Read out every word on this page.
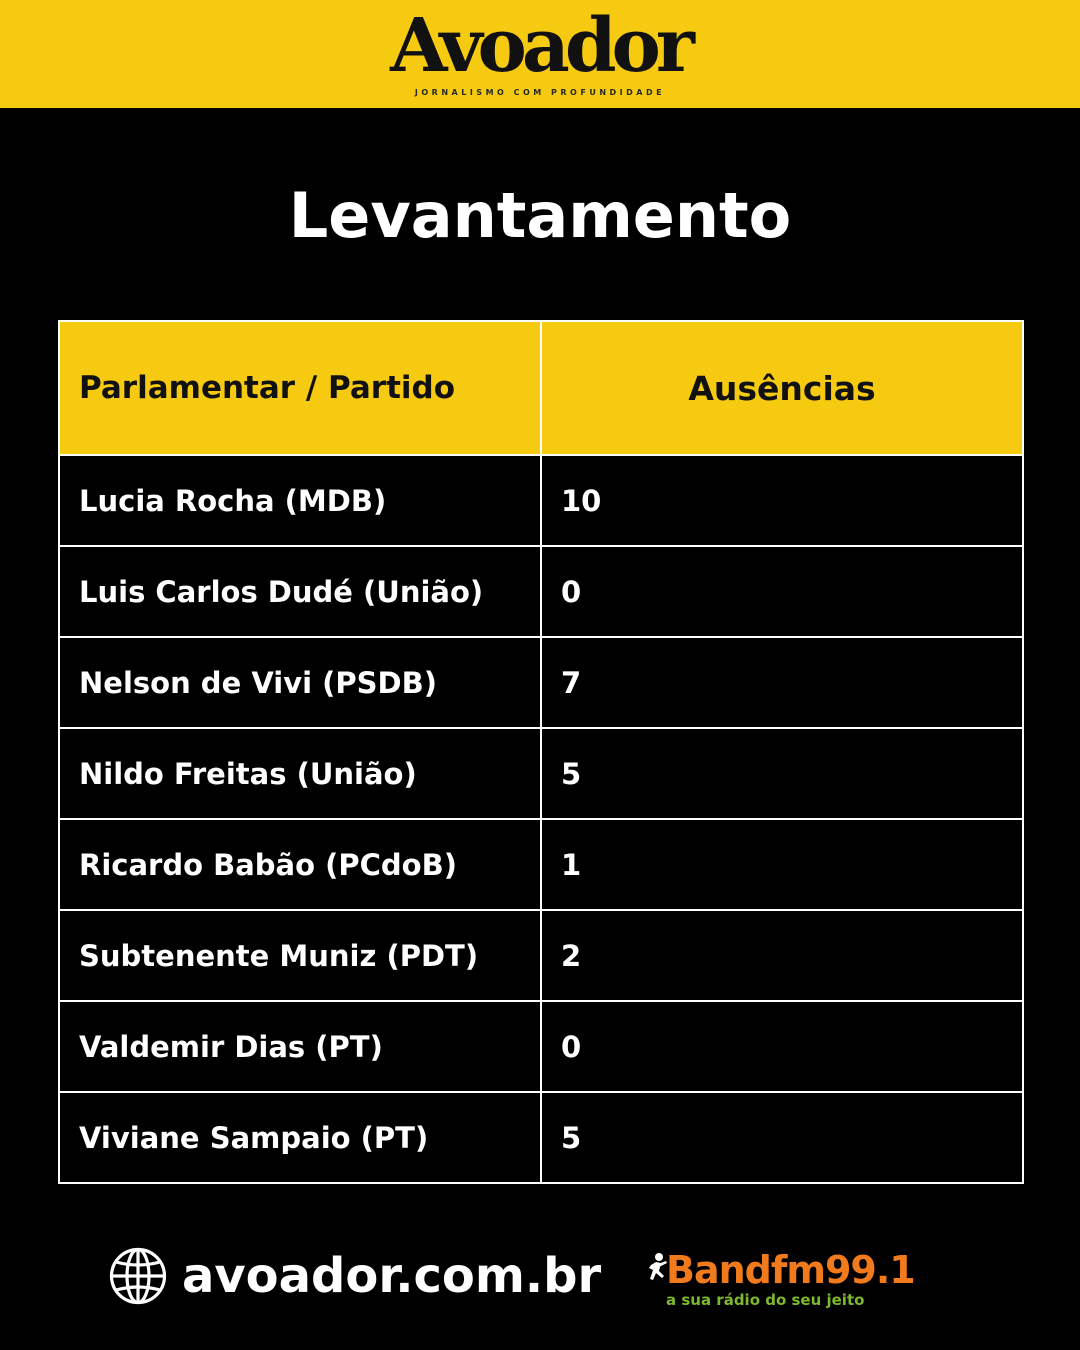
Avoador
JORNALISMO COM PROFUNDIDADE
Levantamento
Parlamentar / Partido	Ausências
Lucia Rocha (MDB)	10
Luis Carlos Dudé (União)	0
Nelson de Vivi (PSDB)	7
Nildo Freitas (União)	5
Ricardo Babão (PCdoB)	1
Subtenente Muniz (PDT)	2
Valdemir Dias (PT)	0
Viviane Sampaio (PT)	5
avoador.com.br Bandfm99.1
a sua rádio do seu jeito
